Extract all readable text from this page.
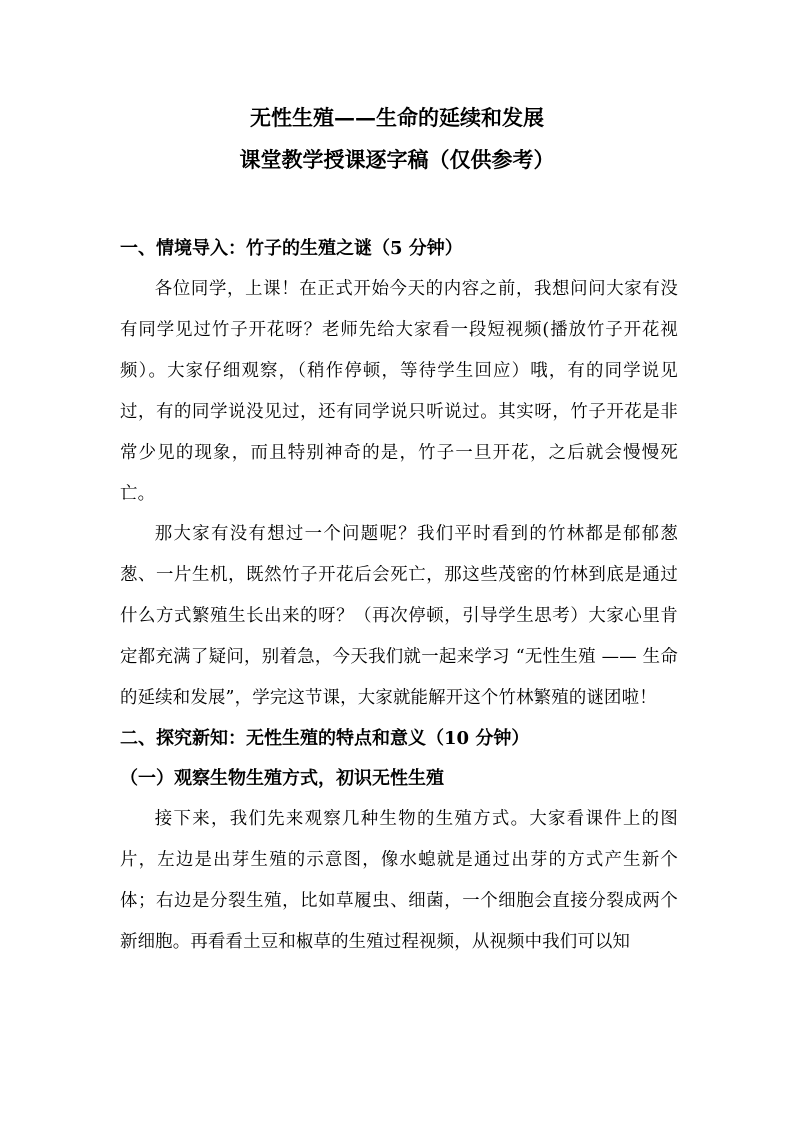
无性生殖——生命的延续和发展
课堂教学授课逐字稿（仅供参考）

一、情境导入：竹子的生殖之谜（5 分钟）

各位同学，上课！在正式开始今天的内容之前，我想问问大家有没有同学见过竹子开花呀？老师先给大家看一段短视频(播放竹子开花视频）。大家仔细观察，（稍作停顿，等待学生回应）哦，有的同学说见过，有的同学说没见过，还有同学说只听说过。其实呀，竹子开花是非常少见的现象，而且特别神奇的是，竹子一旦开花，之后就会慢慢死亡。

那大家有没有想过一个问题呢？我们平时看到的竹林都是郁郁葱葱、一片生机，既然竹子开花后会死亡，那这些茂密的竹林到底是通过什么方式繁殖生长出来的呀？（再次停顿，引导学生思考）大家心里肯定都充满了疑问，别着急，今天我们就一起来学习 “无性生殖 —— 生命的延续和发展”，学完这节课，大家就能解开这个竹林繁殖的谜团啦！

二、探究新知：无性生殖的特点和意义（10 分钟）

（一）观察生物生殖方式，初识无性生殖

接下来，我们先来观察几种生物的生殖方式。大家看课件上的图片，左边是出芽生殖的示意图，像水螅就是通过出芽的方式产生新个体；右边是分裂生殖，比如草履虫、细菌，一个细胞会直接分裂成两个新细胞。再看看土豆和椒草的生殖过程视频，从视频中我们可以知
